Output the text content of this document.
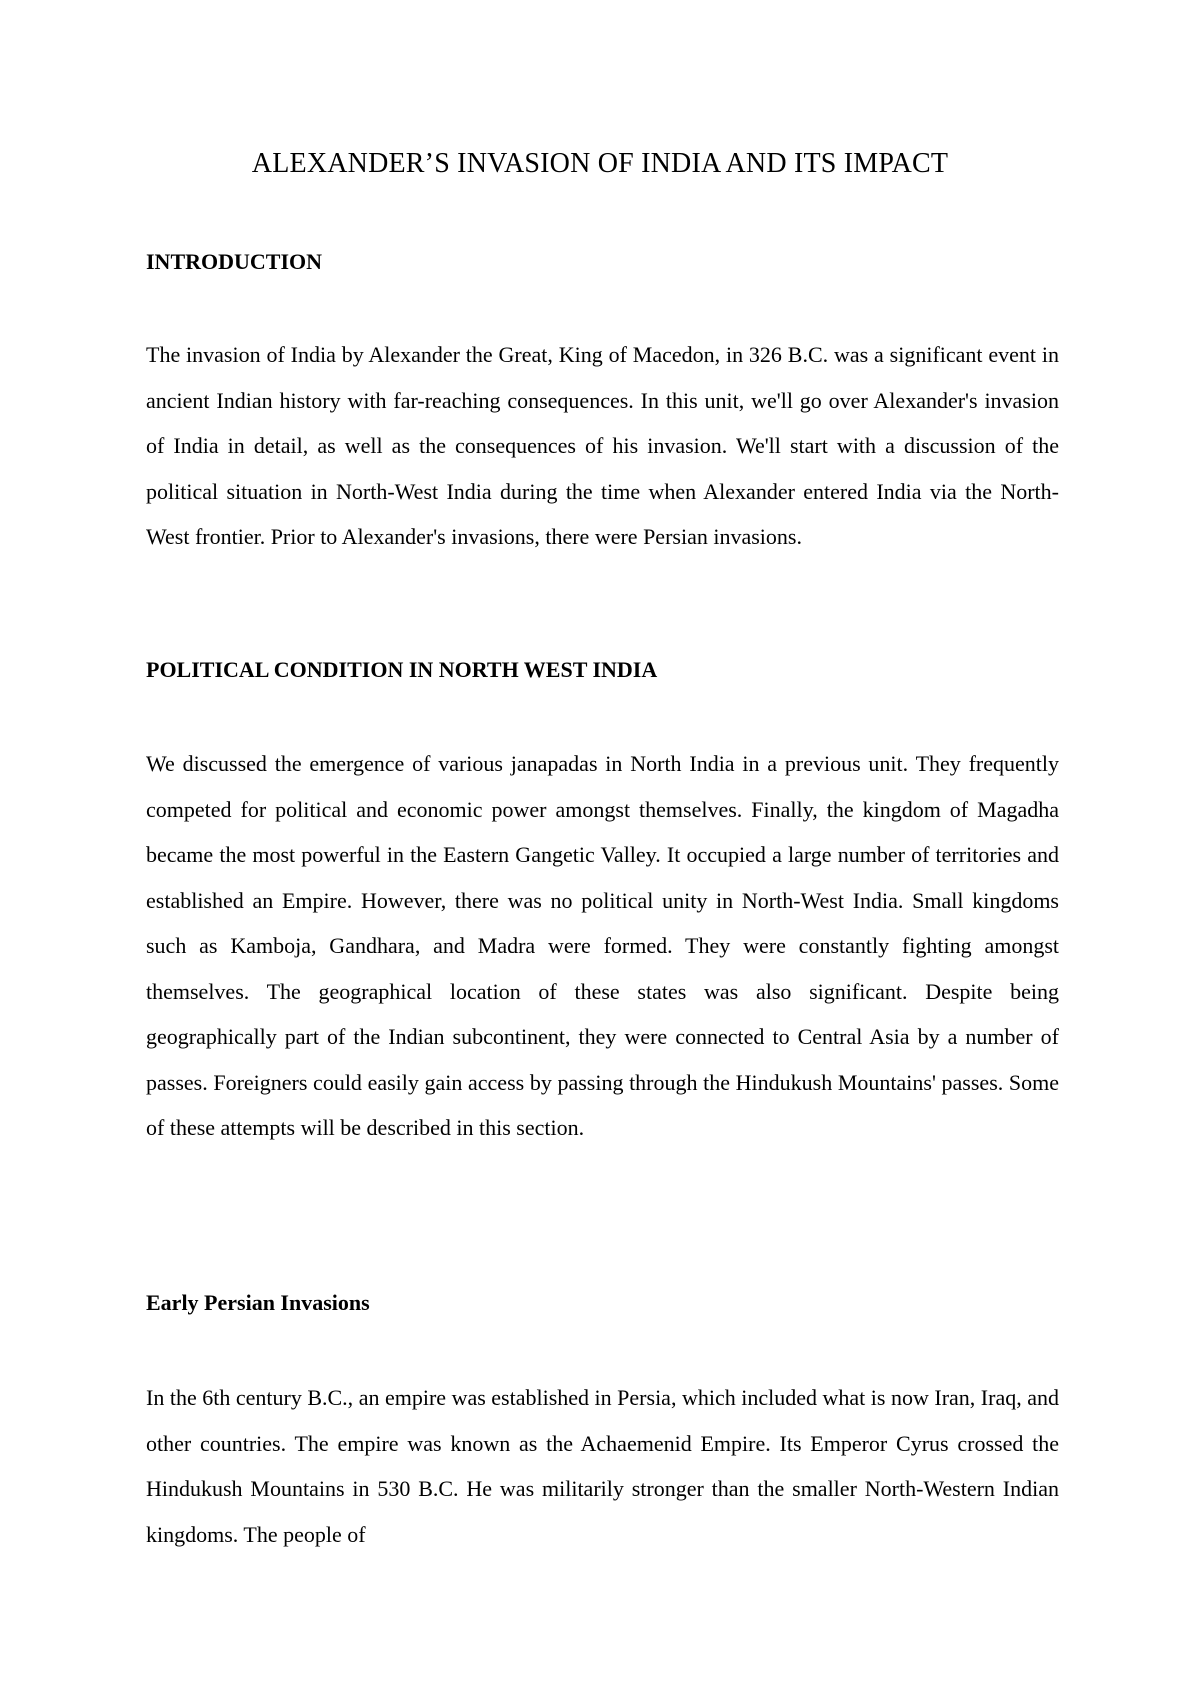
ALEXANDER’S INVASION OF INDIA AND ITS IMPACT
INTRODUCTION

The invasion of India by Alexander the Great, King of Macedon, in 326 B.C. was a significant event in ancient Indian history with far-reaching consequences. In this unit, we'll go over Alexander's invasion of India in detail, as well as the consequences of his invasion. We'll start with a discussion of the political situation in North-West India during the time when Alexander entered India via the North-West frontier. Prior to Alexander's invasions, there were Persian invasions.

POLITICAL CONDITION IN NORTH WEST INDIA

We discussed the emergence of various janapadas in North India in a previous unit. They frequently competed for political and economic power amongst themselves. Finally, the kingdom of Magadha became the most powerful in the Eastern Gangetic Valley. It occupied a large number of territories and established an Empire. However, there was no political unity in North-West India. Small kingdoms such as Kamboja, Gandhara, and Madra were formed. They were constantly fighting amongst themselves. The geographical location of these states was also significant. Despite being geographically part of the Indian subcontinent, they were connected to Central Asia by a number of passes. Foreigners could easily gain access by passing through the Hindukush Mountains' passes. Some of these attempts will be described in this section.

Early Persian Invasions

In the 6th century B.C., an empire was established in Persia, which included what is now Iran, Iraq, and other countries. The empire was known as the Achaemenid Empire. Its Emperor Cyrus crossed the Hindukush Mountains in 530 B.C. He was militarily stronger than the smaller North-Western Indian kingdoms. The people of
